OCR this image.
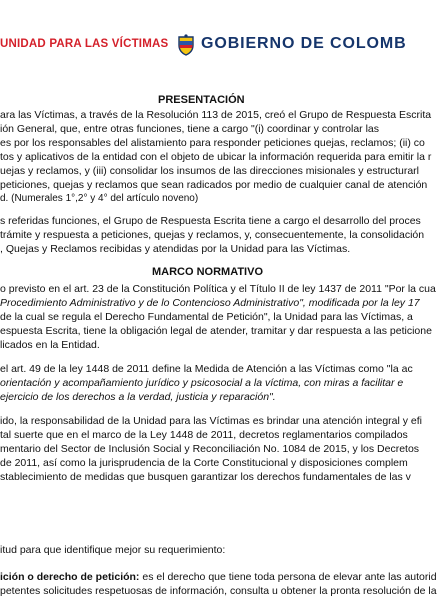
UNIDAD PARA LAS VÍCTIMAS GOBIERNO DE COLOMB
PRESENTACIÓN
ara las Víctimas, a través de la Resolución 113 de 2015, creó el Grupo de Respuesta Escrita
ión General, que, entre otras funciones, tiene a cargo "(i) coordinar y controlar las
es por los responsables del alistamiento para responder peticiones quejas, reclamos; (ii) co
tos y aplicativos de la entidad con el objeto de ubicar la información requerida para emitir la r
uejas y reclamos, y (iii) consolidar los insumos de las direcciones misionales y estructurarl
peticiones, quejas y reclamos que sean radicados por medio de cualquier canal de atención
d. (Numerales 1°,2° y 4° del artículo noveno)
s referidas funciones, el Grupo de Respuesta Escrita tiene a cargo el desarrollo del proces
trámite y respuesta a peticiones, quejas y reclamos, y, consecuentemente, la consolidación
, Quejas y Reclamos recibidas y atendidas por la Unidad para las Víctimas.
MARCO NORMATIVO
o previsto en el art. 23 de la Constitución Política y el Título II de ley 1437 de 2011 "Por la cua
Procedimiento Administrativo y de lo Contencioso Administrativo", modificada por la ley 17
de la cual se regula el Derecho Fundamental de Petición", la Unidad para las Víctimas, a
espuesta Escrita, tiene la obligación legal de atender, tramitar y dar respuesta a las peticione
licados en la Entidad.
el art. 49 de la ley 1448 de 2011 define la Medida de Atención a las Víctimas como "la ac
orientación y acompañamiento jurídico y psicosocial a la víctima, con miras a facilitar e
ejercicio de los derechos a la verdad, justicia y reparación".
ido, la responsabilidad de la Unidad para las Víctimas es brindar una atención integral y efi
tal suerte que en el marco de la Ley 1448 de 2011, decretos reglamentarios compilados
mentario del Sector de Inclusión Social y Reconciliación No. 1084 de 2015, y los Decretos
de 2011, así como la jurisprudencia de la Corte Constitucional y disposiciones complem
stablecimiento de medidas que busquen garantizar los derechos fundamentales de las v
itud para que identifique mejor su requerimiento:
ición o derecho de petición: es el derecho que tiene toda persona de elevar ante las autorid
petentes solicitudes respetuosas de información, consulta u obtener la pronta resolución de la
